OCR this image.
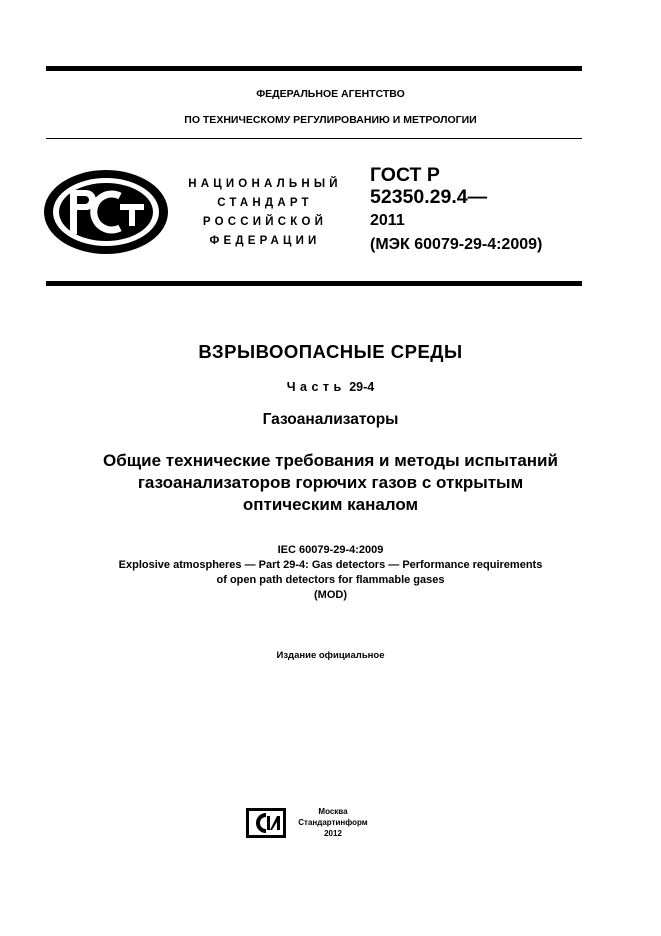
ФЕДЕРАЛЬНОЕ АГЕНТСТВО
ПО ТЕХНИЧЕСКОМУ РЕГУЛИРОВАНИЮ И МЕТРОЛОГИИ
НАЦИОНАЛЬНЫЙ
СТАНДАРТ
РОССИЙСКОЙ
ФЕДЕРАЦИИ
ГОСТ Р
52350.29.4—
2011
(МЭК 60079-29-4:2009)
ВЗРЫВООПАСНЫЕ СРЕДЫ
Часть 29-4
Газоанализаторы
Общие технические требования и методы испытаний
газоанализаторов горючих газов с открытым
оптическим каналом
IEC 60079-29-4:2009
Explosive atmospheres — Part 29-4: Gas detectors — Performance requirements
of open path detectors for flammable gases
(MOD)
Издание официальное
Москва
Стандартинформ
2012
